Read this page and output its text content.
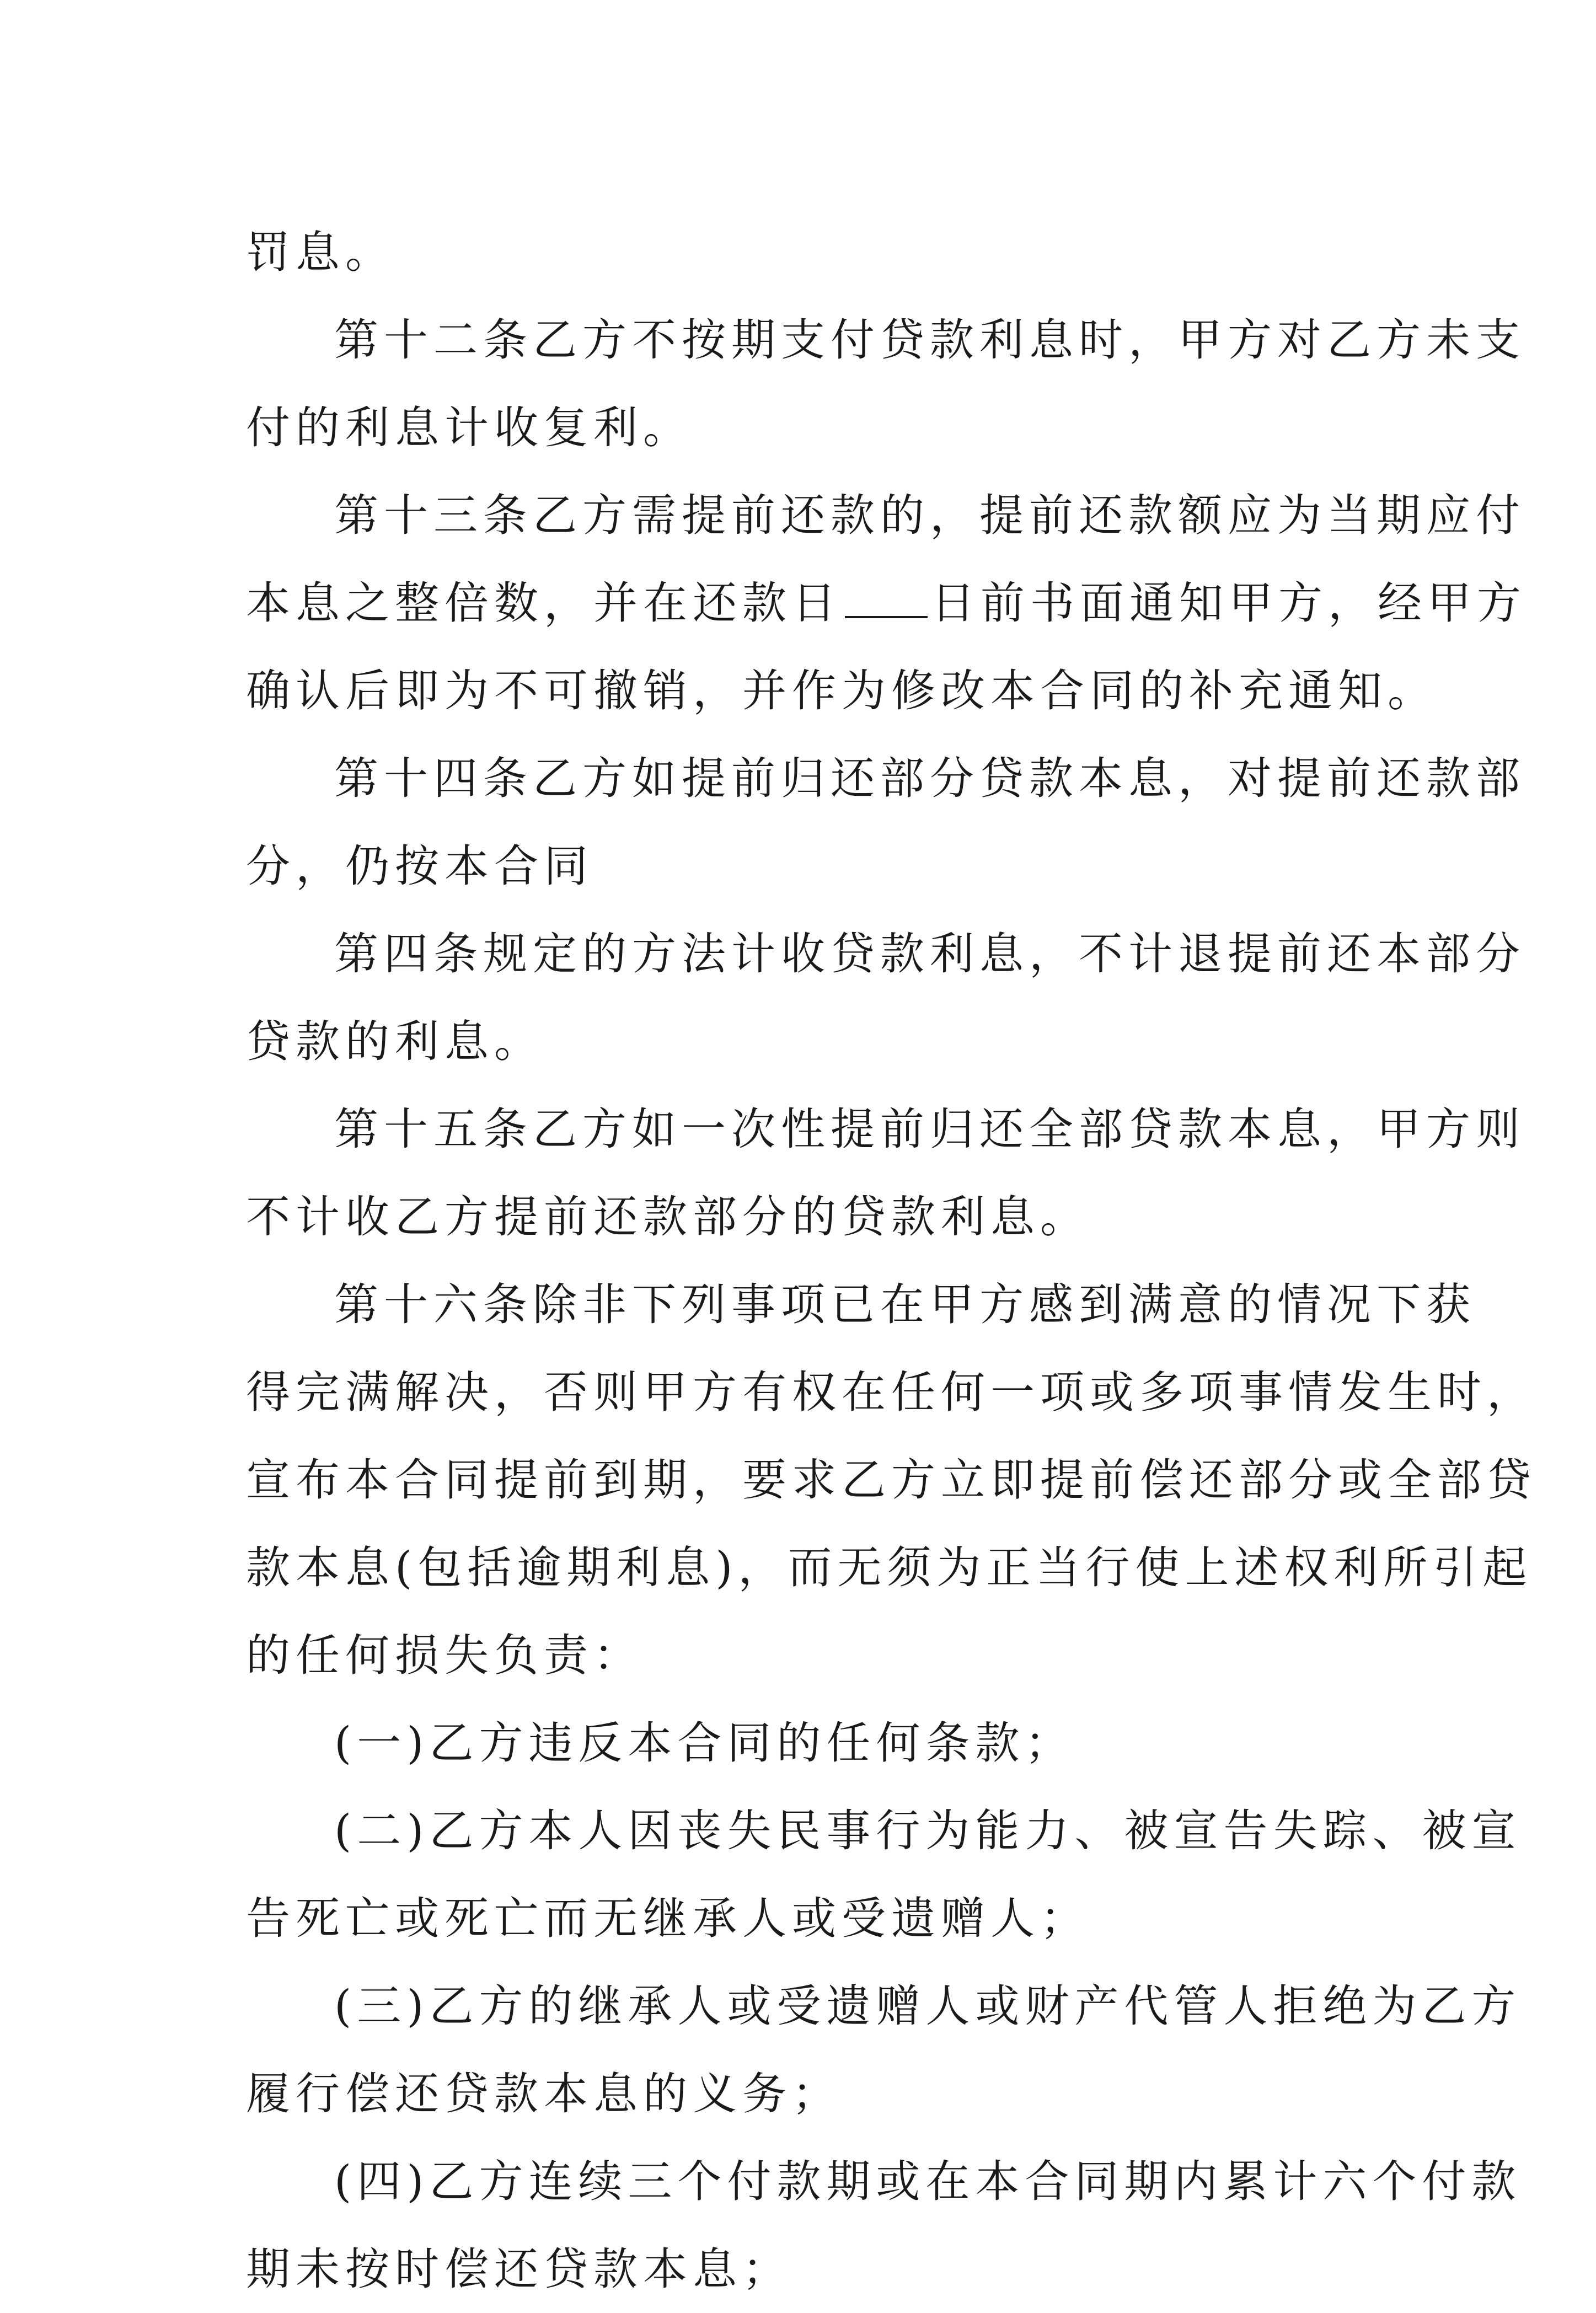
罚息。
第十二条乙方不按期支付贷款利息时，甲方对乙方未支
付的利息计收复利。
第十三条乙方需提前还款的，提前还款额应为当期应付
本息之整倍数，并在还款日 日前书面通知甲方，经甲方
确认后即为不可撤销，并作为修改本合同的补充通知。
第十四条乙方如提前归还部分贷款本息，对提前还款部
分，仍按本合同
第四条规定的方法计收贷款利息，不计退提前还本部分
贷款的利息。
第十五条乙方如一次性提前归还全部贷款本息，甲方则
不计收乙方提前还款部分的贷款利息。
第十六条除非下列事项已在甲方感到满意的情况下获
得完满解决，否则甲方有权在任何一项或多项事情发生时，
宣布本合同提前到期，要求乙方立即提前偿还部分或全部贷
款本息(包括逾期利息)，而无须为正当行使上述权利所引起
的任何损失负责：
(一)乙方违反本合同的任何条款；
(二)乙方本人因丧失民事行为能力、被宣告失踪、被宣
告死亡或死亡而无继承人或受遗赠人；
(三)乙方的继承人或受遗赠人或财产代管人拒绝为乙方
履行偿还贷款本息的义务；
(四)乙方连续三个付款期或在本合同期内累计六个付款
期未按时偿还贷款本息；
